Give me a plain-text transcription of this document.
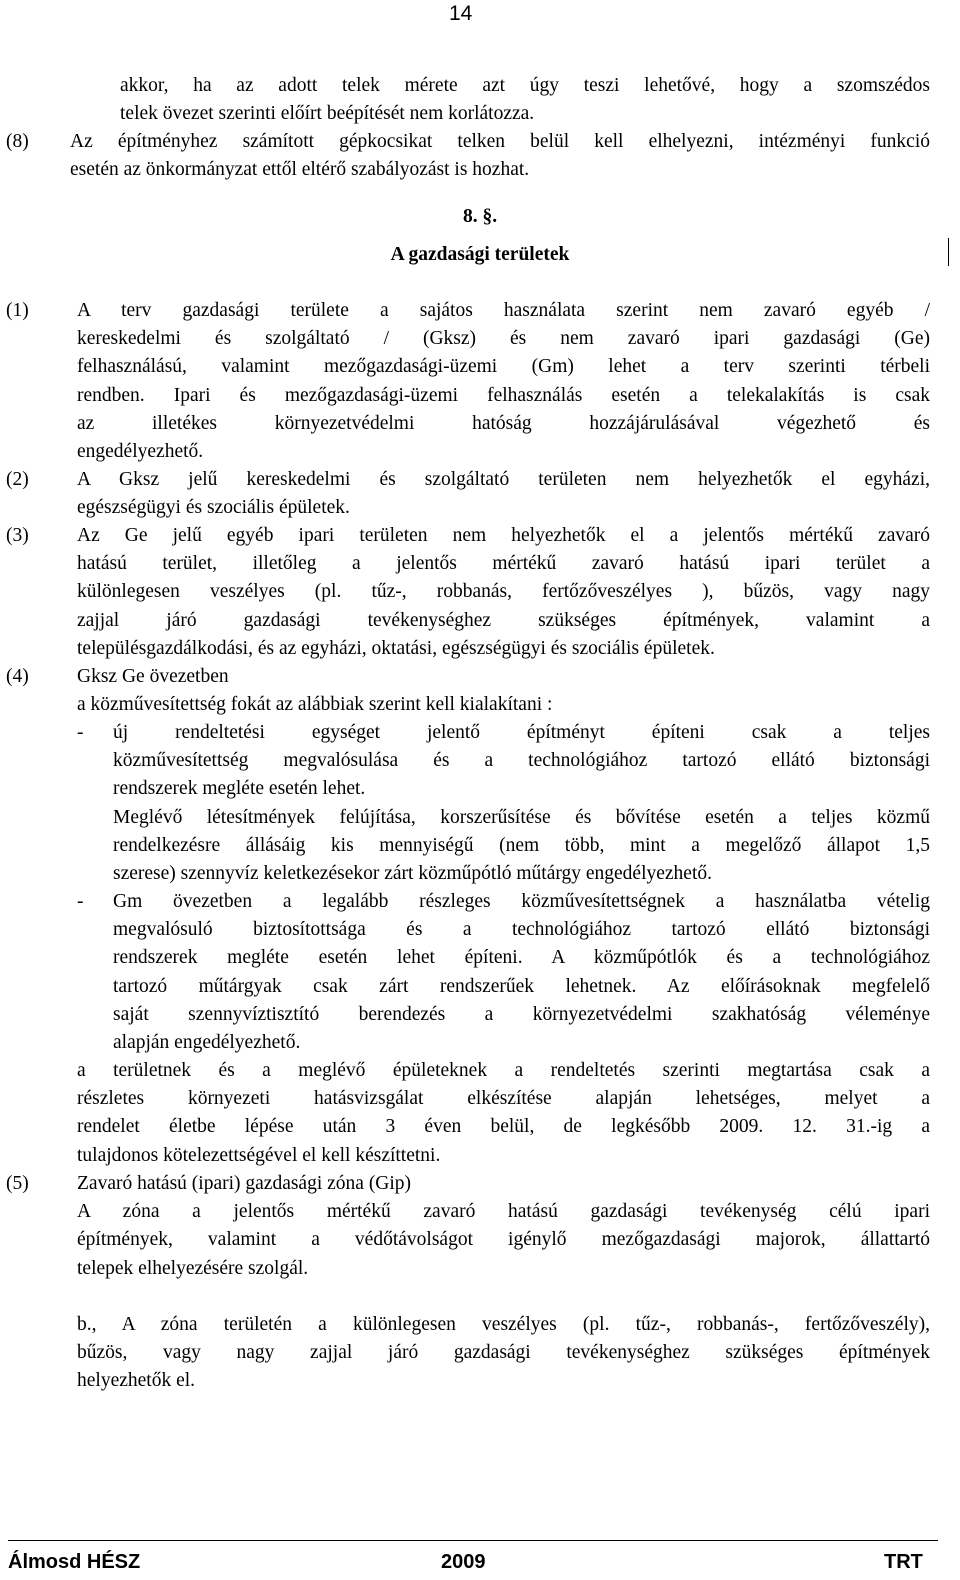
14
akkor, ha az adott telek mérete azt úgy teszi lehetővé, hogy a szomszédos
telek övezet szerinti előírt beépítését nem korlátozza.
(8) Az építményhez számított gépkocsikat telken belül kell elhelyezni, intézményi funkció
esetén az önkormányzat ettől eltérő szabályozást is hozhat.
(1) A terv gazdasági területe a sajátos használata szerint nem zavaró egyéb /
kereskedelmi és szolgáltató / (Gksz) és nem zavaró ipari gazdasági (Ge)
felhasználású, valamint mezőgazdasági-üzemi (Gm) lehet a terv szerinti térbeli
rendben. Ipari és mezőgazdasági-üzemi felhasználás esetén a telekalakítás is csak
az illetékes környezetvédelmi hatóság hozzájárulásával végezhető és
engedélyezhető.
(2) A Gksz jelű kereskedelmi és szolgáltató területen nem helyezhetők el egyházi,
egészségügyi és szociális épületek.
(3) Az Ge jelű egyéb ipari területen nem helyezhetők el a jelentős mértékű zavaró
hatású terület, illetőleg a jelentős mértékű zavaró hatású ipari terület a
különlegesen veszélyes (pl. tűz-, robbanás, fertőzőveszélyes ), bűzös, vagy nagy
zajjal járó gazdasági tevékenységhez szükséges építmények, valamint a
településgazdálkodási, és az egyházi, oktatási, egészségügyi és szociális épületek.
(4) Gksz Ge övezetben
a közművesítettség fokát az alábbiak szerint kell kialakítani :
- új rendeltetési egységet jelentő építményt építeni csak a teljes
közművesítettség megvalósulása és a technológiához tartozó ellátó biztonsági
rendszerek megléte esetén lehet.
Meglévő létesítmények felújítása, korszerűsítése és bővítése esetén a teljes közmű
rendelkezésre állásáig kis mennyiségű (nem több, mint a megelőző állapot 1,5
szerese) szennyvíz keletkezésekor zárt közműpótló műtárgy engedélyezhető.
- Gm övezetben a legalább részleges közművesítettségnek a használatba vételig
megvalósuló biztosítottsága és a technológiához tartozó ellátó biztonsági
rendszerek megléte esetén lehet építeni. A közműpótlók és a technológiához
tartozó műtárgyak csak zárt rendszerűek lehetnek. Az előírásoknak megfelelő
saját szennyvíztisztító berendezés a környezetvédelmi szakhatóság véleménye
alapján engedélyezhető.
a területnek és a meglévő épületeknek a rendeltetés szerinti megtartása csak a
részletes környezeti hatásvizsgálat elkészítése alapján lehetséges, melyet a
rendelet életbe lépése után 3 éven belül, de legkésőbb 2009. 12. 31.-ig a
tulajdonos kötelezettségével el kell készíttetni.
(5) Zavaró hatású (ipari) gazdasági zóna (Gip)
A zóna a jelentős mértékű zavaró hatású gazdasági tevékenység célú ipari
építmények, valamint a védőtávolságot igénylő mezőgazdasági majorok, állattartó
telepek elhelyezésére szolgál.
b., A zóna területén a különlegesen veszélyes (pl. tűz-, robbanás-, fertőzőveszély),
bűzös, vagy nagy zajjal járó gazdasági tevékenységhez szükséges építmények
helyezhetők el.
8. §.
A gazdasági területek
Álmosd HÉSZ	2009	TRT
